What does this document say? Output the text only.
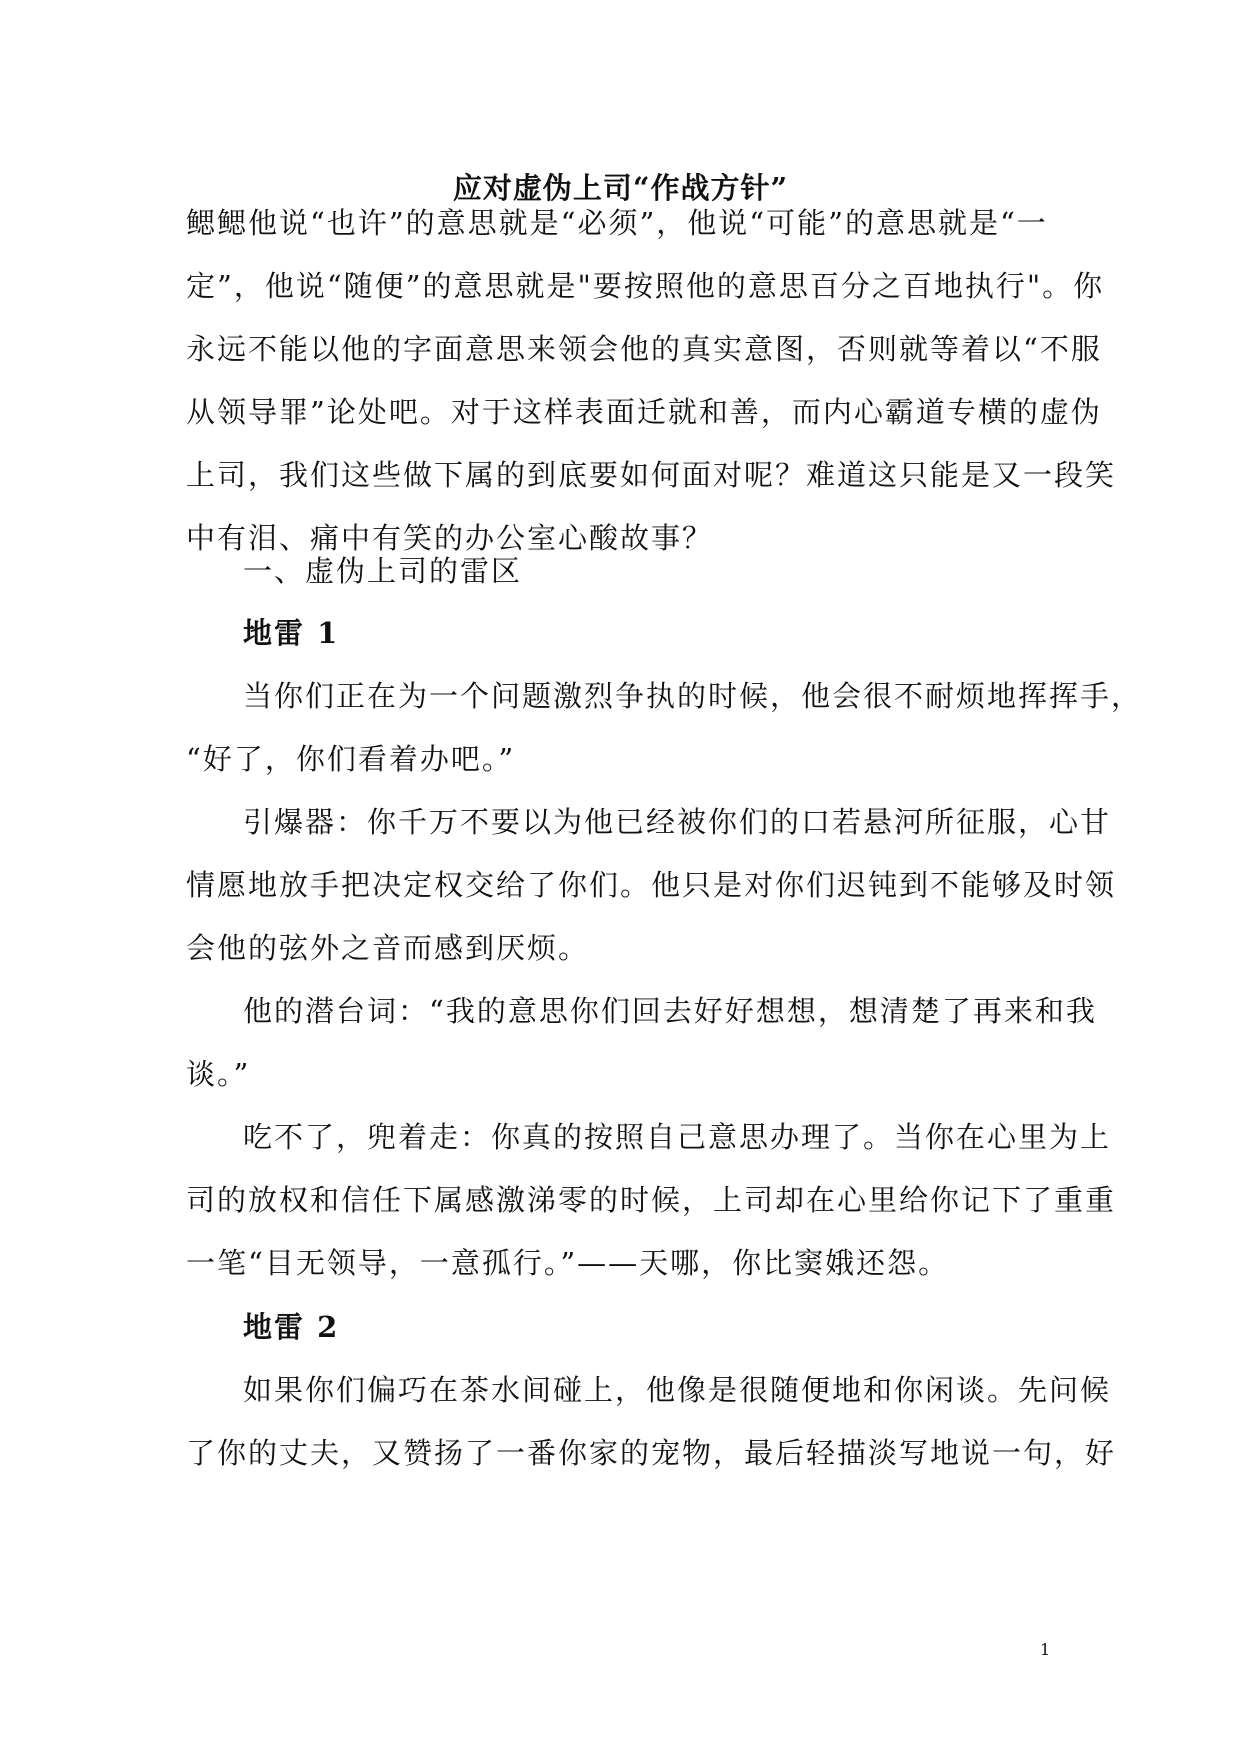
应对虚伪上司“作战方针”
鳃鳃他说“也许”的意思就是“必须”，他说“可能”的意思就是“一
定”，他说“随便”的意思就是"要按照他的意思百分之百地执行"。你
永远不能以他的字面意思来领会他的真实意图，否则就等着以“不服
从领导罪”论处吧。对于这样表面迁就和善，而内心霸道专横的虚伪
上司，我们这些做下属的到底要如何面对呢？难道这只能是又一段笑
中有泪、痛中有笑的办公室心酸故事？
一、虚伪上司的雷区
地雷 1
当你们正在为一个问题激烈争执的时候，他会很不耐烦地挥挥手，
“好了，你们看着办吧。”
引爆器：你千万不要以为他已经被你们的口若悬河所征服，心甘
情愿地放手把决定权交给了你们。他只是对你们迟钝到不能够及时领
会他的弦外之音而感到厌烦。
他的潜台词：“我的意思你们回去好好想想，想清楚了再来和我
谈。”
吃不了，兜着走：你真的按照自己意思办理了。当你在心里为上
司的放权和信任下属感激涕零的时候，上司却在心里给你记下了重重
一笔“目无领导，一意孤行。”——天哪，你比窦娥还怨。
地雷 2
如果你们偏巧在茶水间碰上，他像是很随便地和你闲谈。先问候
了你的丈夫，又赞扬了一番你家的宠物，最后轻描淡写地说一句，好
1
